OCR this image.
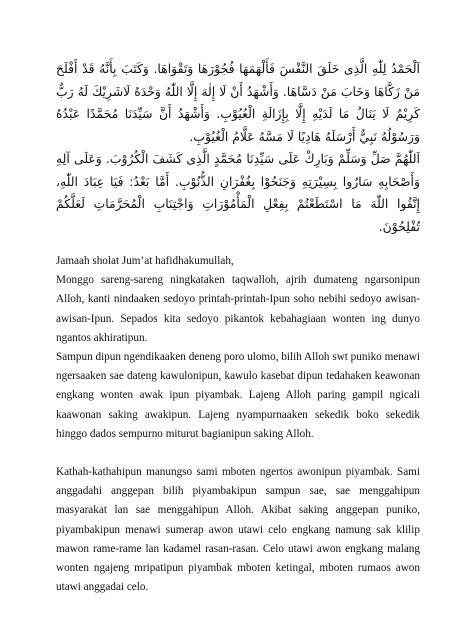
اَلْحَمْدُ لِلّٰهِ الَّذِى خَلَقَ النَّفْسَ فَأَلْهَمَهَا فُجُوْرَهَا وَتَقْوَاهَا. وَكَتَبَ بِأَنَّهُ قَدْ أَفْلَحَ مَنْ زَكَّاهَا وَخَابَ مَنْ دَسَّاهَا. وَأَشْهَدُ أَنْ لَا إِلٰهَ إِلَّا اللّٰهُ وَحْدَهُ لَاشَرِيْكَ لَهُ رَبٌّ كَرِيْمٌ لَا يَنَالُ مَا لَدَيْهِ إِلَّا بِإِزَالَةِ الْعُيُوْبِ. وَأَشْهَدُ أَنَّ سَيِّدَنَا مُحَمَّدًا عَبْدُهُ وَرَسُوْلُهُ نَبِيٌّ أَرْسَلَهُ هَادِيًا لَا مَسَّهُ عَلَّامُ الْغُيُوْبِ.

اَللّٰهُمَّ صَلِّ وَسَلِّمْ وَبَارِكْ عَلَى سَيِّدِنَا مُحَمَّدٍ الَّذِى كَشَفَ الْكُرُوْبَ. وَعَلَى آلِهِ وَأَصْحَابِهِ سَارُوا بِسِيْرَتِهِ وَجَنَحُوْا بِغُفْرَانِ الذُّنُوْبِ. أَمَّا بَعْدُ: فَيَا عِبَادَ اللّٰهِ، إِتَّقُوا اللّٰهَ مَا اسْتَطَعْتُمْ بِفِعْلِ الْمَأْمُوْرَاتِ وَاجْتِنَابِ الْمُحَرَّمَاتِ لَعَلَّكُمْ تُفْلِحُوْنَ.

Jamaah sholat Jum’at hafidhakumullah,

Monggo sareng-sareng ningkataken taqwalloh, ajrih dumateng ngarsonipun Alloh, kanti nindaaken sedoyo printah-printah-Ipun soho nebihi sedoyo awisan-awisan-Ipun. Sepados kita sedoyo pikantok kebahagiaan wonten ing dunyo ngantos akhiratipun.

Sampun dipun ngendikaaken deneng poro ulomo, bilih Alloh swt puniko menawi ngersaaken sae dateng kawulonipun, kawulo kasebat dipun tedahaken keawonan engkang wonten awak ipun piyambak. Lajeng Alloh paring gampil ngicali kaawonan saking awakipun. Lajeng nyampurnaaken sekedik boko sekedik hinggo dados sempurno miturut bagianipun saking Alloh.

Kathah-kathahipun manungso sami mboten ngertos awonipun piyambak. Sami anggadahi anggepan bilih piyambakipun sampun sae, sae menggahipun masyarakat lan sae menggahipun Alloh. Akibat saking anggepan puniko, piyambakipun menawi sumerap awon utawi celo engkang namung sak klilip mawon rame-rame lan kadamel rasan-rasan. Celo utawi awon engkang malang wonten ngajeng mripatipun piyambak mboten ketingal, mboten rumaos awon utawi anggadai celo.
